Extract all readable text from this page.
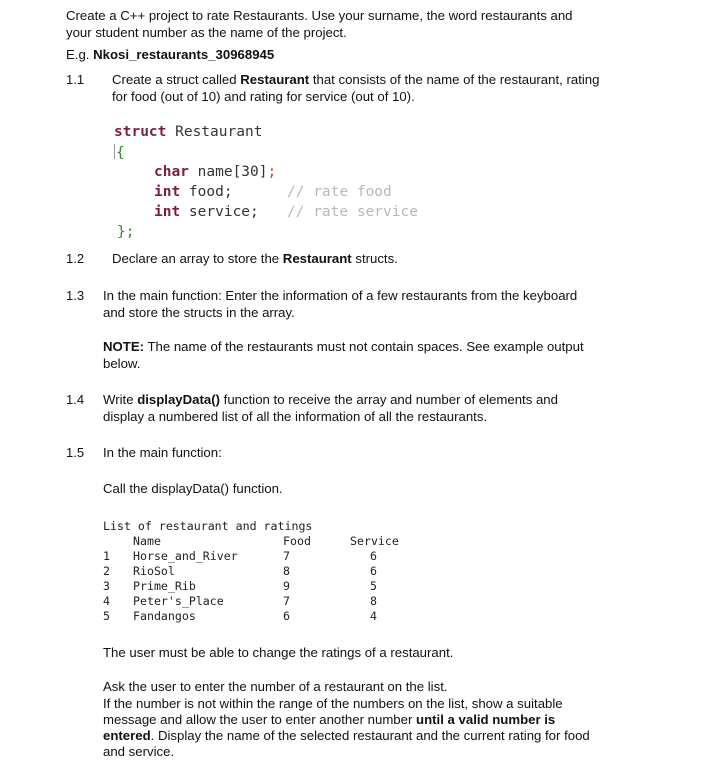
Create a C++ project to rate Restaurants. Use your surname, the word restaurants and
your student number as the name of the project.
E.g. Nkosi_restaurants_30968945
1.1 Create a struct called Restaurant that consists of the name of the restaurant, rating
for food (out of 10) and rating for service (out of 10).
struct Restaurant
{
char name[30];
int food;	// rate food
int service; // rate service
};
1.2 Declare an array to store the Restaurant structs.
1.3 In the main function: Enter the information of a few restaurants from the keyboard
and store the structs in the array.
NOTE: The name of the restaurants must not contain spaces. See example output
below.
1.4 Write displayData() function to receive the array and number of elements and
display a numbered list of all the information of all the restaurants.
1.5 In the main function:
Call the displayData() function.
List of restaurant and ratings
Name	Food	Service
1 Horse_and_River	7	6
2 RioSol	8	6
3 Prime_Rib	9	5
4 Peter's_Place	7	8
5 Fandangos	6	4
The user must be able to change the ratings of a restaurant.
Ask the user to enter the number of a restaurant on the list.
If the number is not within the range of the numbers on the list, show a suitable
message and allow the user to enter another number until a valid number is
entered. Display the name of the selected restaurant and the current rating for food
and service.
